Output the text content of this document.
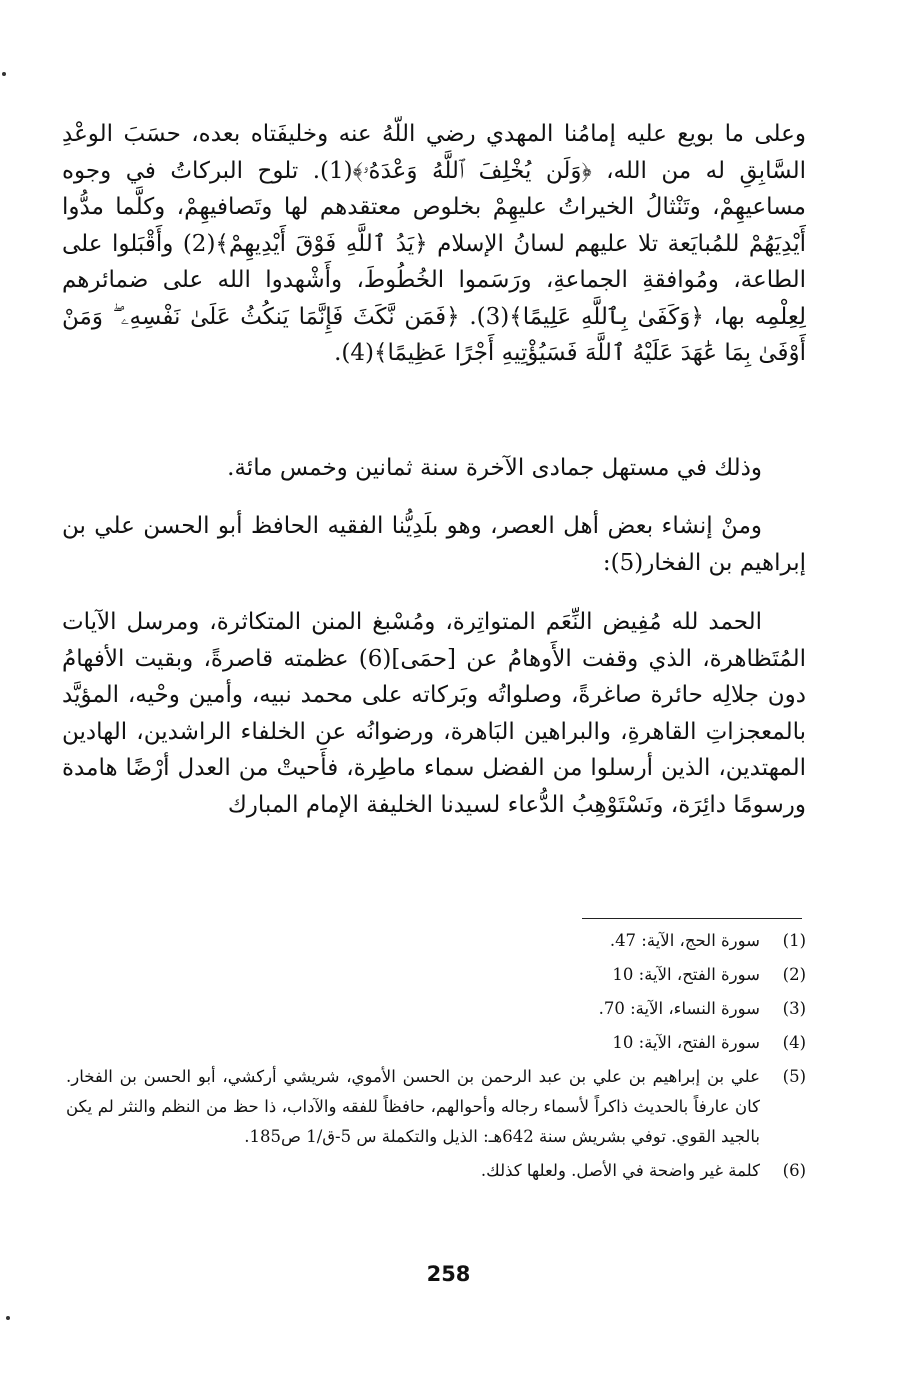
وعلى ما بويع عليه إمامُنا المهدي رضي اللّهُ عنه وخليفَتاه بعده، حسَبَ الوعْدِ السَّابِقِ له من الله، ﴿وَلَن يُخْلِفَ ٱللَّهُ وَعْدَهُۥ﴾(1). تلوح البركاتُ في وجوه مساعيهِمْ، وتَنْثالُ الخيراتُ عليهِمْ بخلوص معتقدهم لها وتَصافيهِمْ، وكلَّما مدُّوا أَيْدِيَهُمْ للمُبايَعة تلا عليهم لسانُ الإسلام ﴿يَدُ ٱللَّهِ فَوْقَ أَيْدِيهِمْ﴾(2) وأَقْبَلوا على الطاعة، ومُوافقةِ الجماعةِ، ورَسَموا الخُطُوطَ، وأَشْهدوا الله على ضمائرهم لِعِلْمِه بها، ﴿وَكَفَىٰ بِٱللَّهِ عَلِيمًا﴾(3). ﴿فَمَن نَّكَثَ فَإِنَّمَا يَنكُثُ عَلَىٰ نَفْسِهِۦ ۖ وَمَنْ أَوْفَىٰ بِمَا عَٰهَدَ عَلَيْهُ ٱللَّهَ فَسَيُؤْتِيهِ أَجْرًا عَظِيمًا﴾(4).

وذلك في مستهل جمادى الآخرة سنة ثمانين وخمس مائة.

ومنْ إنشاء بعض أهل العصر، وهو بلَدِيُّنا الفقيه الحافظ أبو الحسن علي بن إبراهيم بن الفخار(5):

الحمد لله مُفِيض النِّعَم المتواتِرة، ومُسْبغ المنن المتكاثرة، ومرسل الآيات المُتَظاهرة، الذي وقفت الأَوهامُ عن [حمَى](6) عظمته قاصرةً، وبقيت الأفهامُ دون جلالِه حائرة صاغرةً، وصلواتُه وبَركاته على محمد نبيه، وأمين وحْيه، المؤيَّد بالمعجزاتِ القاهرةِ، والبراهين البَاهرة، ورضوانُه عن الخلفاء الراشدين، الهادين المهتدين، الذين أرسلوا من الفضل سماء ماطِرة، فأَحيتْ من العدل أرْضًا هامدة ورسومًا دائِرَة، ونَسْتَوْهِبُ الدُّعاء لسيدنا الخليفة الإمام المبارك

(1)
سورة الحج، الآية: 47.
(2)
سورة الفتح، الآية: 10
(3)
سورة النساء، الآية: 70.
(4)
سورة الفتح، الآية: 10
(5)
علي بن إبراهيم بن علي بن عبد الرحمن بن الحسن الأموي، شريشي أركشي، أبو الحسن بن الفخار. كان عارفاً بالحديث ذاكراً لأسماء رجاله وأحوالهم، حافظاً للفقه والآداب، ذا حظ من النظم والنثر لم يكن بالجيد القوي. توفي بشريش سنة 642هـ: الذيل والتكملة س 5-ق/1 ص185.
(6)
كلمة غير واضحة في الأصل. ولعلها كذلك.
258
